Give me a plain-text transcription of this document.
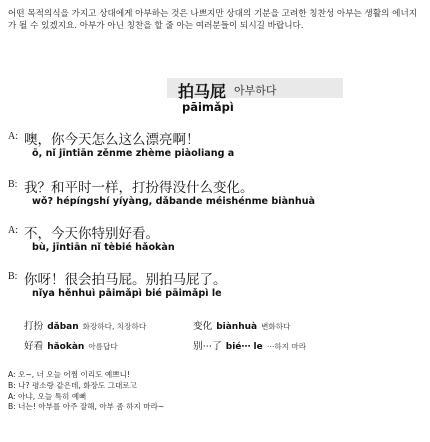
어떤 목적의식을 가지고 상대에게 아부하는 것은 나쁘지만 상대의 기분을 고려한 칭찬성 아부는 생활의 에너지가 될 수 있겠지요. 아부가 아닌 칭찬을 할 줄 아는 여러분들이 되시길 바랍니다.
拍马屁 아부하다
pāimǎpì
A: 噢，你今天怎么这么漂亮啊！
ō, nǐ jīntiān zěnme zhème piàoliang a
B: 我？和平时一样，打扮得没什么变化。
wǒ? hépíngshí yíyàng, dǎbande méishénme biànhuà
A: 不，今天你特别好看。
bù, jīntiān nǐ tèbié hǎokàn
B: 你呀！很会拍马屁。别拍马屁了。
nǐya hěnhuì pāimǎpì bié pāimǎpì le
打扮 dǎban 화장하다, 치장하다	变化 biànhuà 변화하다
好看 hǎokàn 아름답다	别⋯了 bié⋯ le ⋯하지 마라
A: 오~, 너 오늘 어쩜 이리도 예쁘니!
B: 나? 평소랑 같은데, 화장도 그대로고
A: 아냐, 오늘 특히 예뻐
B: 너는! 아부를 아주 잘해, 아부 좀 하지 마라~
